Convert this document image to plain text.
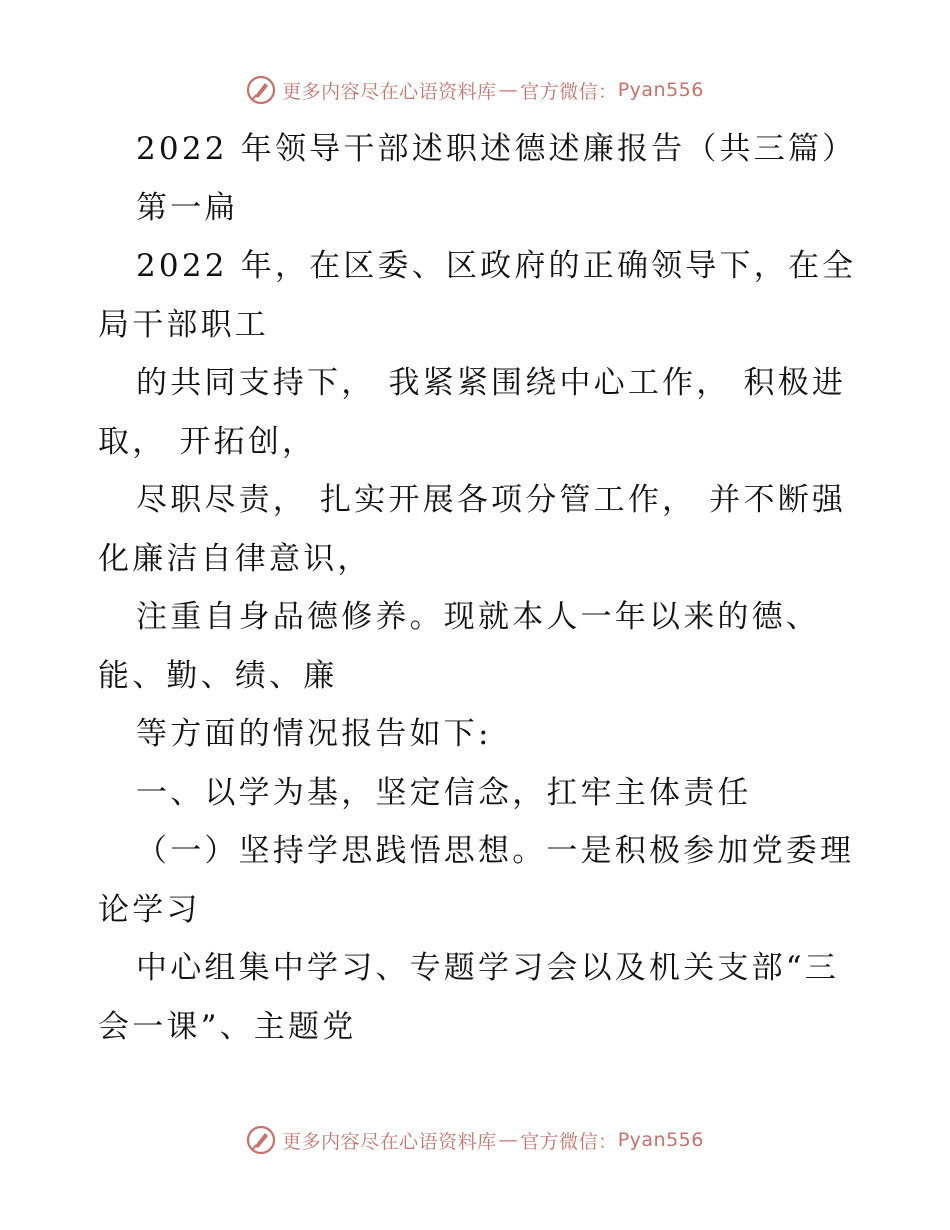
更多内容尽在心语资料库 — 官方微信： Pyan556
2022 年领导干部述职述德述廉报告（共三篇）
第一扁
2022 年，在区委、区政府的正确领导下，在全
局干部职工
的共同支持下， 我紧紧围绕中心工作， 积极进
取， 开拓创，
尽职尽责， 扎实开展各项分管工作， 并不断强
化廉洁自律意识，
注重自身品德修养。现就本人一年以来的德、
能、勤、绩、廉
等方面的情况报告如下:
一、以学为基，坚定信念，扛牢主体责任
（一）坚持学思践悟思想。一是积极参加党委理
论学习
中心组集中学习、专题学习会以及机关支部“三
会一课”、主题党
更多内容尽在心语资料库 — 官方微信： Pyan556
